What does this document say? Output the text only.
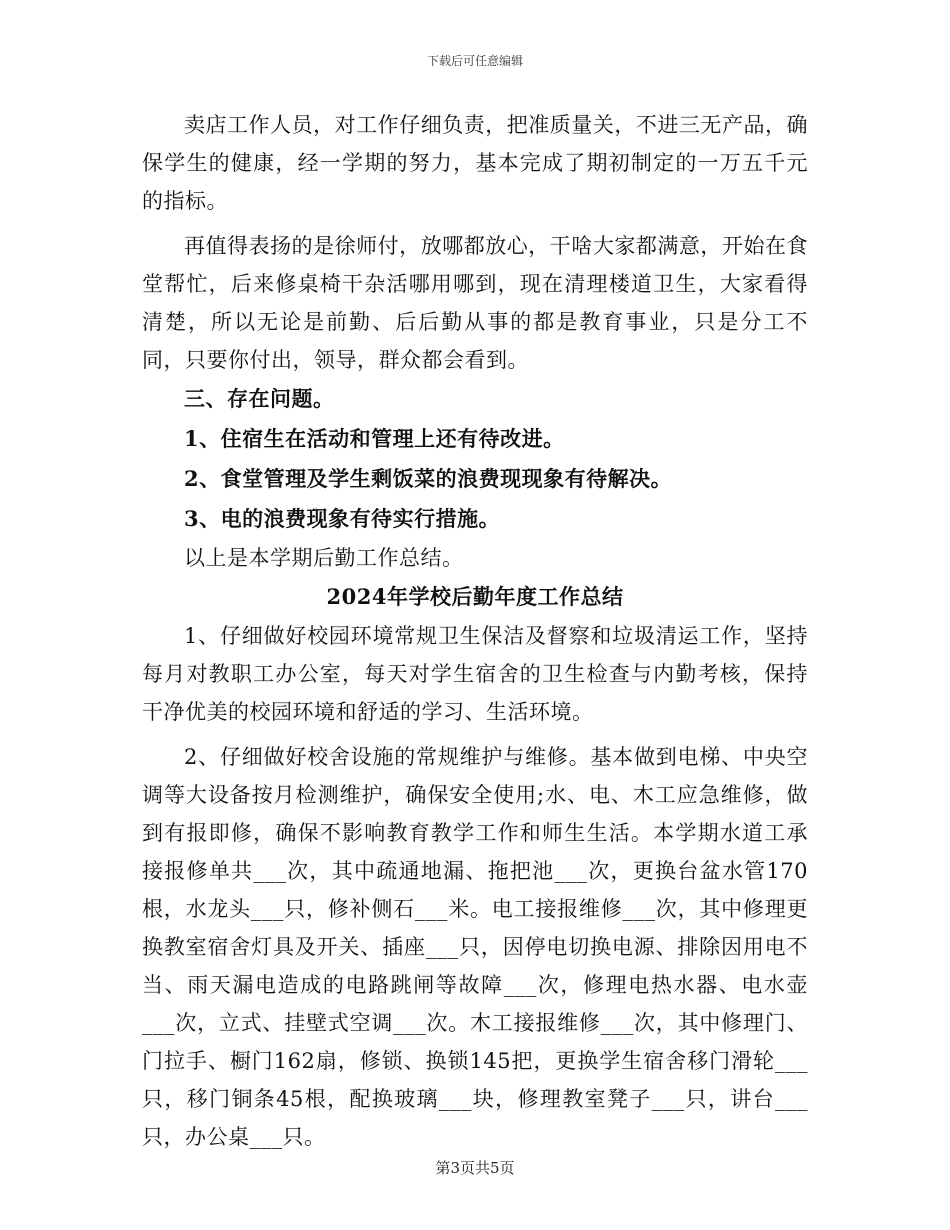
下载后可任意编辑

卖店工作人员，对工作仔细负责，把准质量关，不进三无产品，确保学生的健康，经一学期的努力，基本完成了期初制定的一万五千元的指标。

再值得表扬的是徐师付，放哪都放心，干啥大家都满意，开始在食堂帮忙，后来修桌椅干杂活哪用哪到，现在清理楼道卫生，大家看得清楚，所以无论是前勤、后后勤从事的都是教育事业，只是分工不同，只要你付出，领导，群众都会看到。

三、存在问题。

1、住宿生在活动和管理上还有待改进。

2、食堂管理及学生剩饭菜的浪费现现象有待解决。

3、电的浪费现象有待实行措施。

以上是本学期后勤工作总结。

2024年学校后勤年度工作总结

1、仔细做好校园环境常规卫生保洁及督察和垃圾清运工作，坚持每月对教职工办公室，每天对学生宿舍的卫生检查与内勤考核，保持干净优美的校园环境和舒适的学习、生活环境。

2、仔细做好校舍设施的常规维护与维修。基本做到电梯、中央空调等大设备按月检测维护，确保安全使用;水、电、木工应急维修，做到有报即修，确保不影响教育教学工作和师生生活。本学期水道工承接报修单共___次，其中疏通地漏、拖把池___次，更换台盆水管170根，水龙头___只，修补侧石___米。电工接报维修___次，其中修理更换教室宿舍灯具及开关、插座___只，因停电切换电源、排除因用电不当、雨天漏电造成的电路跳闸等故障___次，修理电热水器、电水壶___次，立式、挂壁式空调___次。木工接报维修___次，其中修理门、门拉手、橱门162扇，修锁、换锁145把，更换学生宿舍移门滑轮___只，移门铜条45根，配换玻璃___块，修理教室凳子___只，讲台___只，办公桌___只。

第3页共5页
